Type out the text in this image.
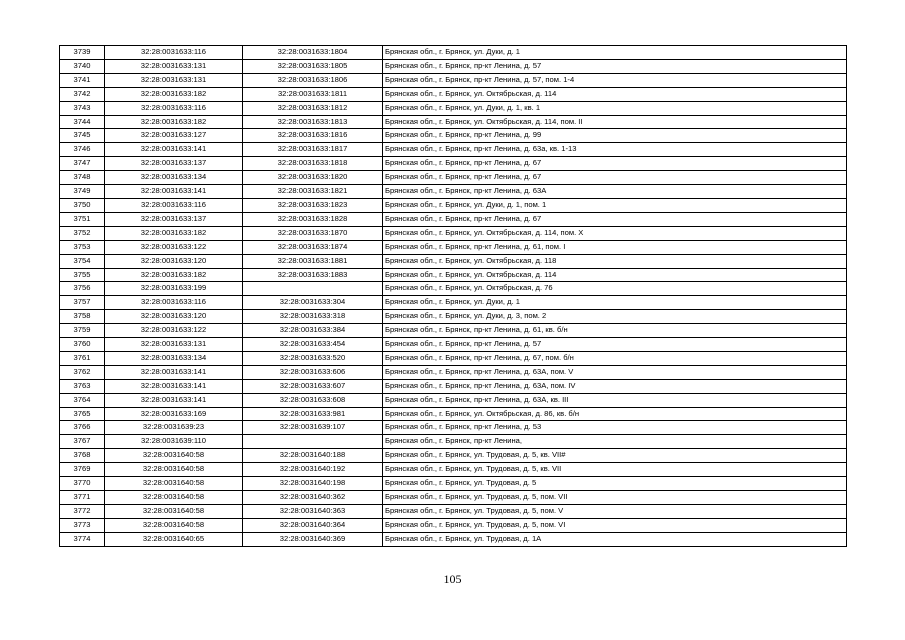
3739	32:28:0031633:116	32:28:0031633:1804	Брянская обл., г. Брянск, ул. Дуки, д. 1
3740	32:28:0031633:131	32:28:0031633:1805	Брянская обл., г. Брянск, пр-кт Ленина, д. 57
3741	32:28:0031633:131	32:28:0031633:1806	Брянская обл., г. Брянск, пр-кт Ленина, д. 57, пом. 1-4
3742	32:28:0031633:182	32:28:0031633:1811	Брянская обл., г. Брянск, ул. Октябрьская, д. 114
3743	32:28:0031633:116	32:28:0031633:1812	Брянская обл., г. Брянск, ул. Дуки, д. 1, кв. 1
3744	32:28:0031633:182	32:28:0031633:1813	Брянская обл., г. Брянск, ул. Октябрьская, д. 114, пом. II
3745	32:28:0031633:127	32:28:0031633:1816	Брянская обл., г. Брянск, пр-кт Ленина, д. 99
3746	32:28:0031633:141	32:28:0031633:1817	Брянская обл., г. Брянск, пр-кт Ленина, д. 63а, кв. 1-13
3747	32:28:0031633:137	32:28:0031633:1818	Брянская обл., г. Брянск, пр-кт Ленина, д. 67
3748	32:28:0031633:134	32:28:0031633:1820	Брянская обл., г. Брянск, пр-кт Ленина, д. 67
3749	32:28:0031633:141	32:28:0031633:1821	Брянская обл., г. Брянск, пр-кт Ленина, д. 63А
3750	32:28:0031633:116	32:28:0031633:1823	Брянская обл., г. Брянск, ул. Дуки, д. 1, пом. 1
3751	32:28:0031633:137	32:28:0031633:1828	Брянская обл., г. Брянск, пр-кт Ленина, д. 67
3752	32:28:0031633:182	32:28:0031633:1870	Брянская обл., г. Брянск, ул. Октябрьская, д. 114, пом. X
3753	32:28:0031633:122	32:28:0031633:1874	Брянская обл., г. Брянск, пр-кт Ленина, д. 61, пом. I
3754	32:28:0031633:120	32:28:0031633:1881	Брянская обл., г. Брянск, ул. Октябрьская, д. 118
3755	32:28:0031633:182	32:28:0031633:1883	Брянская обл., г. Брянск, ул. Октябрьская, д. 114
3756	32:28:0031633:199		Брянская обл., г. Брянск, ул. Октябрьская, д. 76
3757	32:28:0031633:116	32:28:0031633:304	Брянская обл., г. Брянск, ул. Дуки, д. 1
3758	32:28:0031633:120	32:28:0031633:318	Брянская обл., г. Брянск, ул. Дуки, д. 3, пом. 2
3759	32:28:0031633:122	32:28:0031633:384	Брянская обл., г. Брянск, пр-кт Ленина, д. 61, кв. б/н
3760	32:28:0031633:131	32:28:0031633:454	Брянская обл., г. Брянск, пр-кт Ленина, д. 57
3761	32:28:0031633:134	32:28:0031633:520	Брянская обл., г. Брянск, пр-кт Ленина, д. 67, пом. б/н
3762	32:28:0031633:141	32:28:0031633:606	Брянская обл., г. Брянск, пр-кт Ленина, д. 63А, пом. V
3763	32:28:0031633:141	32:28:0031633:607	Брянская обл., г. Брянск, пр-кт Ленина, д. 63А, пом. IV
3764	32:28:0031633:141	32:28:0031633:608	Брянская обл., г. Брянск, пр-кт Ленина, д. 63А, кв. III
3765	32:28:0031633:169	32:28:0031633:981	Брянская обл., г. Брянск, ул. Октябрьская, д. 86, кв. б/н
3766	32:28:0031639:23	32:28:0031639:107	Брянская обл., г. Брянск, пр-кт Ленина, д. 53
3767	32:28:0031639:110		Брянская обл., г. Брянск, пр-кт Ленина,
3768	32:28:0031640:58	32:28:0031640:188	Брянская обл., г. Брянск, ул. Трудовая, д. 5, кв. VII#
3769	32:28:0031640:58	32:28:0031640:192	Брянская обл., г. Брянск, ул. Трудовая, д. 5, кв. VII
3770	32:28:0031640:58	32:28:0031640:198	Брянская обл., г. Брянск, ул. Трудовая, д. 5
3771	32:28:0031640:58	32:28:0031640:362	Брянская обл., г. Брянск, ул. Трудовая, д. 5, пом. VII
3772	32:28:0031640:58	32:28:0031640:363	Брянская обл., г. Брянск, ул. Трудовая, д. 5, пом. V
3773	32:28:0031640:58	32:28:0031640:364	Брянская обл., г. Брянск, ул. Трудовая, д. 5, пом. VI
3774	32:28:0031640:65	32:28:0031640:369	Брянская обл., г. Брянск, ул. Трудовая, д. 1А
105
